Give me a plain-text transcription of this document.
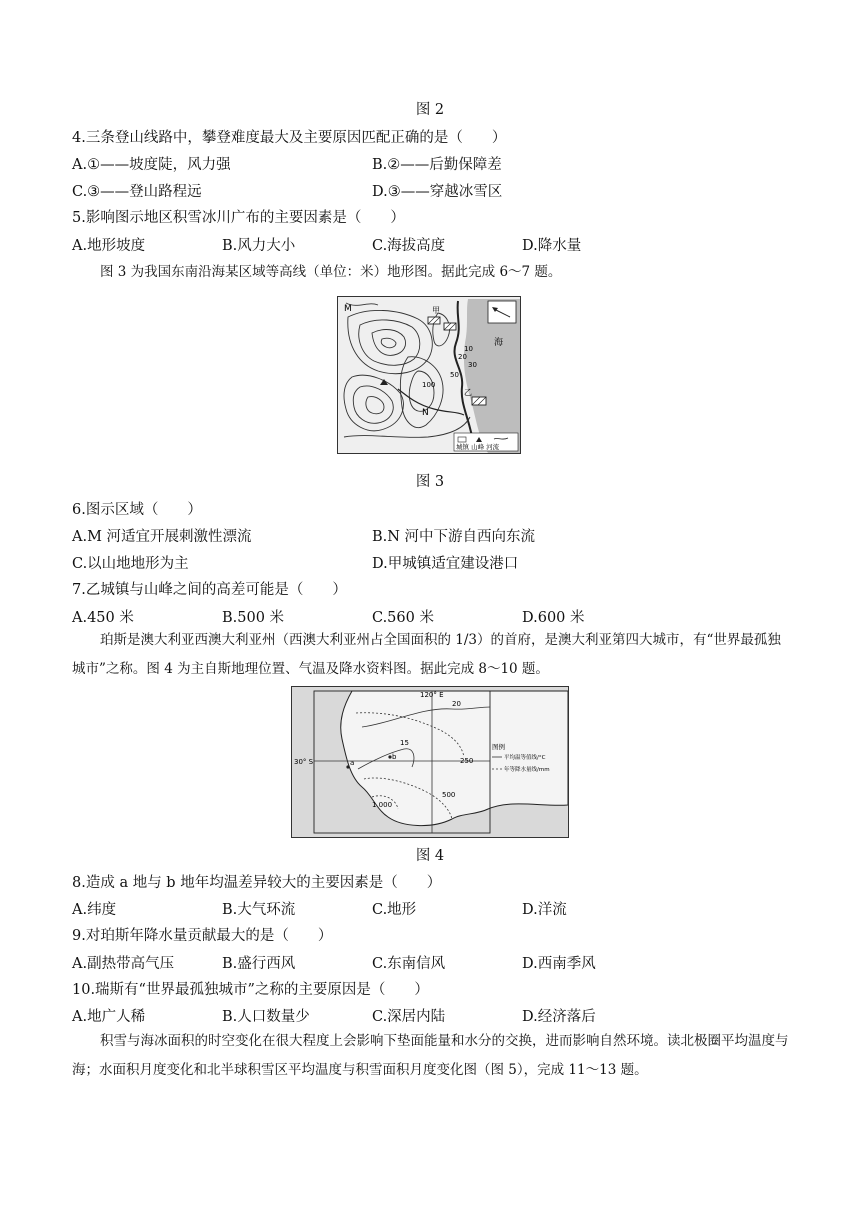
图 2
4.三条登山线路中，攀登难度最大及主要原因匹配正确的是（　　）
A.①——坡度陡，风力强	B.②——后勤保障差
C.③——登山路程远	D.③——穿越冰雪区
5.影响图示地区积雪冰川广布的主要因素是（　　）
A.地形坡度	B.风力大小	C.海拔高度	D.降水量
图 3 为我国东南沿海某区域等高线（单位：米）地形图。据此完成 6～7 题。
M
N
甲
乙
海
10
20
30
100
50
城镇 山峰 河流
图 3
6.图示区域（　　）
A.M 河适宜开展刺激性漂流	B.N 河中下游自西向东流
C.以山地地形为主	D.甲城镇适宜建设港口
7.乙城镇与山峰之间的高差可能是（　　）
A.450 米	B.500 米	C.560 米	D.600 米
珀斯是澳大利亚西澳大利亚州（西澳大利亚州占全国面积的 1/3）的首府，是澳大利亚第四大城市，有“世界最孤独城市”之称。图 4 为主自斯地理位置、气温及降水资料图。据此完成 8～10 题。
120° E
30° S
20
15
250
500
1 000
a
b
图例
平均温等值线/°C
年等降水量线/mm
图 4
8.造成 a 地与 b 地年均温差异较大的主要因素是（　　）
A.纬度	B.大气环流	C.地形	D.洋流
9.对珀斯年降水量贡献最大的是（　　）
A.副热带高气压	B.盛行西风	C.东南信风	D.西南季风
10.瑞斯有“世界最孤独城市”之称的主要原因是（　　）
A.地广人稀	B.人口数量少	C.深居内陆	D.经济落后
积雪与海冰面积的时空变化在很大程度上会影响下垫面能量和水分的交换，进而影响自然环境。读北极圈平均温度与海；水面积月度变化和北半球积雪区平均温度与积雪面积月度变化图（图 5），完成 11～13 题。
